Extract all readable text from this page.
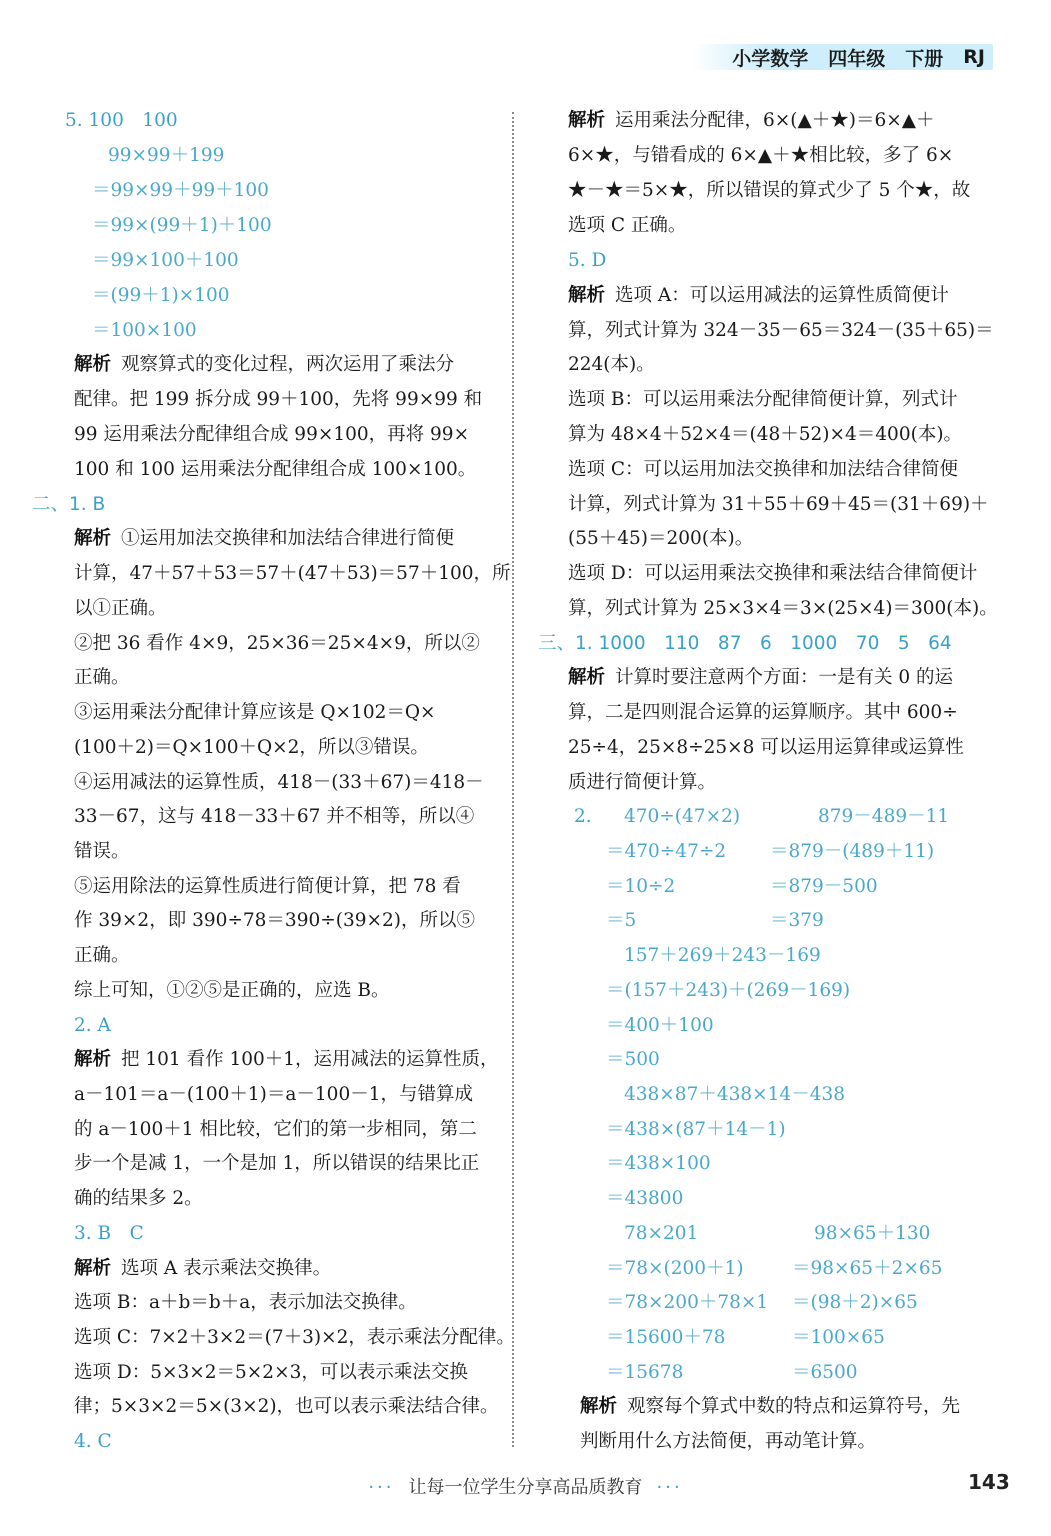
小学数学 四年级 下册 RJ
5. 100　100
99×99＋199
＝99×99＋99＋100
＝99×(99＋1)＋100
＝99×100＋100
＝(99＋1)×100
＝100×100
解析 观察算式的变化过程，两次运用了乘法分
配律。把 199 拆分成 99＋100，先将 99×99 和
99 运用乘法分配律组合成 99×100，再将 99×
100 和 100 运用乘法分配律组合成 100×100。
二、1. B
解析 ①运用加法交换律和加法结合律进行简便
计算，47＋57＋53＝57＋(47＋53)＝57＋100，所
以①正确。
②把 36 看作 4×9，25×36＝25×4×9，所以②
正确。
③运用乘法分配律计算应该是 Q×102＝Q×
(100＋2)＝Q×100＋Q×2，所以③错误。
④运用减法的运算性质，418－(33＋67)＝418－
33－67，这与 418－33＋67 并不相等，所以④
错误。
⑤运用除法的运算性质进行简便计算，把 78 看
作 39×2，即 390÷78＝390÷(39×2)，所以⑤
正确。
综上可知，①②⑤是正确的，应选 B。
2. A
解析 把 101 看作 100＋1，运用减法的运算性质，
a－101＝a－(100＋1)＝a－100－1，与错算成
的 a－100＋1 相比较，它们的第一步相同，第二
步一个是减 1，一个是加 1，所以错误的结果比正
确的结果多 2。
3. B　C
解析 选项 A 表示乘法交换律。
选项 B：a＋b＝b＋a，表示加法交换律。
选项 C：7×2＋3×2＝(7＋3)×2，表示乘法分配律。
选项 D：5×3×2＝5×2×3，可以表示乘法交换
律；5×3×2＝5×(3×2)，也可以表示乘法结合律。
4. C
解析 运用乘法分配律，6×(▲＋★)＝6×▲＋
6×★，与错看成的 6×▲＋★相比较，多了 6×
★－★＝5×★，所以错误的算式少了 5 个★，故
选项 C 正确。
5. D
解析 选项 A：可以运用减法的运算性质简便计
算，列式计算为 324－35－65＝324－(35＋65)＝
224(本)。
选项 B：可以运用乘法分配律简便计算，列式计
算为 48×4＋52×4＝(48＋52)×4＝400(本)。
选项 C：可以运用加法交换律和加法结合律简便
计算，列式计算为 31＋55＋69＋45＝(31＋69)＋
(55＋45)＝200(本)。
选项 D：可以运用乘法交换律和乘法结合律简便计
算，列式计算为 25×3×4＝3×(25×4)＝300(本)。
三、1. 1000　110　87　6　1000　70　5　64
解析 计算时要注意两个方面：一是有关 0 的运
算，二是四则混合运算的运算顺序。其中 600÷
25÷4，25×8÷25×8 可以运用运算律或运算性
质进行简便计算。
2. 470÷(47×2)	879－489－11
＝470÷47÷2 ＝879－(489＋11)
＝10÷2	＝879－500
＝5	＝379
157＋269＋243－169
＝(157＋243)＋(269－169)
＝400＋100
＝500
438×87＋438×14－438
＝438×(87＋14－1)
＝438×100
＝43800
78×201	98×65＋130
＝78×(200＋1)	＝98×65＋2×65
＝78×200＋78×1 ＝(98＋2)×65
＝15600＋78	＝100×65
＝15678	＝6500
解析 观察每个算式中数的特点和运算符号，先
判断用什么方法简便，再动笔计算。
··· 让每一位学生分享高品质教育 ···	143
